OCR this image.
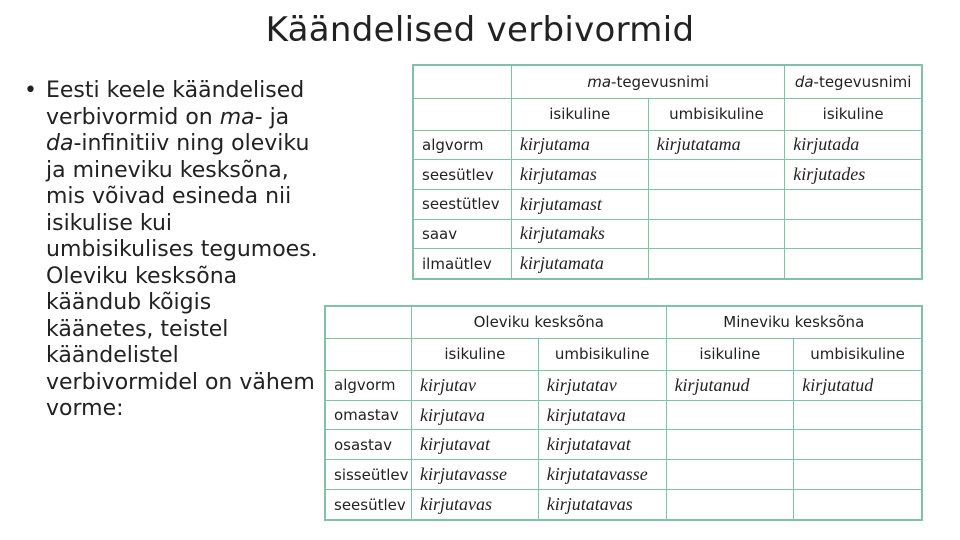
Käändelised verbivormid
• Eesti keele käändelised verbivormid on ma- ja da-infinitiiv ning oleviku ja mineviku kesksõna, mis võivad esineda nii isikulise kui umbisikulises tegumoes. Oleviku kesksõna käändub kõigis käänetes, teistel käändelistel verbivormidel on vähem vorme:
	ma-tegevusnimi		da-tegevusnimi
	isikuline	umbisikuline	isikuline
algvorm	kirjutama	kirjutatama	kirjutada
seesütlev	kirjutamas		kirjutades
seestütlev	kirjutamast		
saav	kirjutamaks		
ilmaütlev	kirjutamata		
	Oleviku kesksõna		Mineviku kesksõna	
	isikuline	umbisikuline	isikuline	umbisikuline
algvorm	kirjutav	kirjutatav	kirjutanud	kirjutatud
omastav	kirjutava	kirjutatava		
osastav	kirjutavat	kirjutatavat		
sisseütlev	kirjutavasse	kirjutatavasse		
seesütlev	kirjutavas	kirjutatavas		
